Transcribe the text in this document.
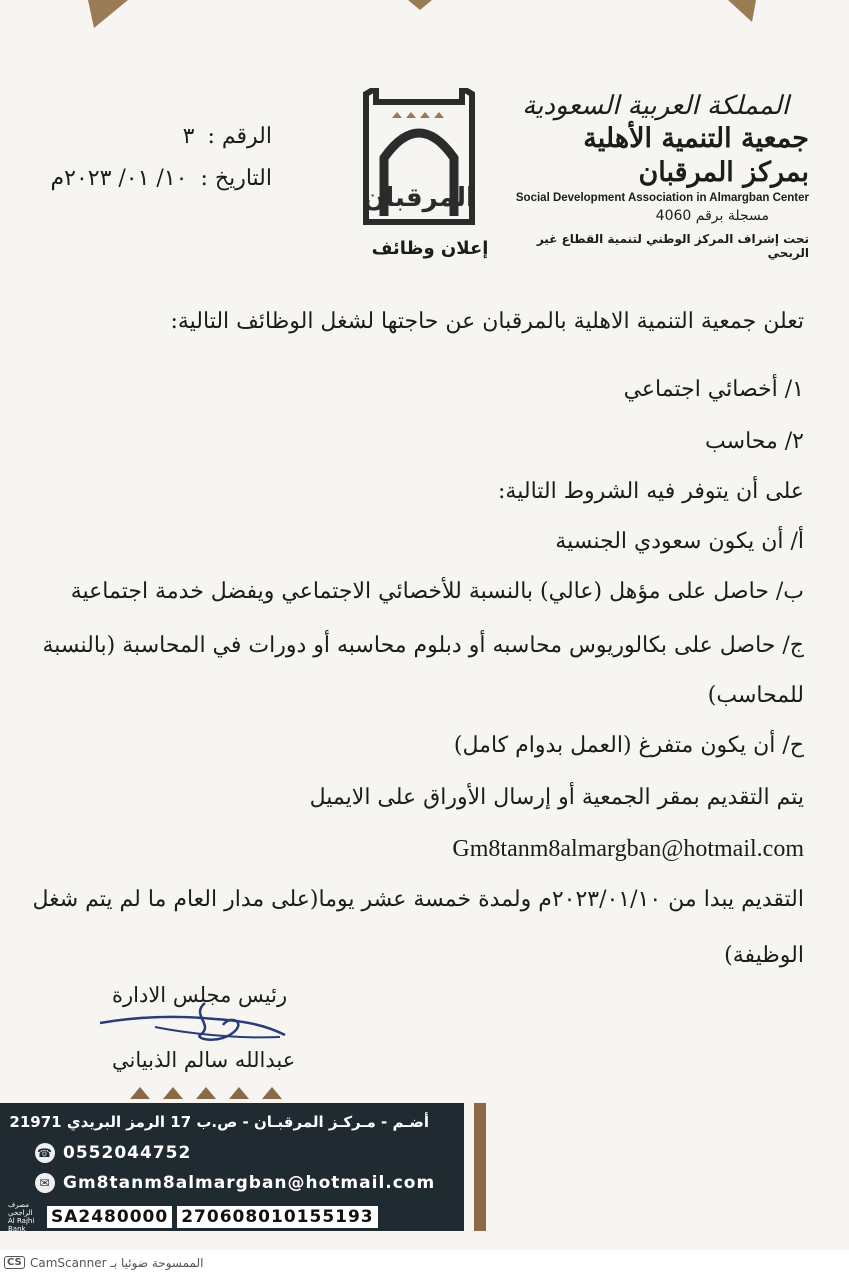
المملكة العربية السعودية
جمعية التنمية الأهلية بمركز المرقبان
Social Development Association in Almargban Center
مسجلة برقم 4060
تحت إشراف المركز الوطني لتنمية القطاع غير الربحي
المرقبان
إعلان وظائف
الرقم : ٣
التاريخ : ١٠/ ٠١/ ٢٠٢٣م
تعلن جمعية التنمية الاهلية بالمرقبان عن حاجتها لشغل الوظائف التالية:
١/ أخصائي اجتماعي
٢/ محاسب
على أن يتوفر فيه الشروط التالية:
أ/ أن يكون سعودي الجنسية
ب/ حاصل على مؤهل (عالي) بالنسبة للأخصائي الاجتماعي ويفضل خدمة اجتماعية
ج/ حاصل على بكالوريوس محاسبه أو دبلوم محاسبه أو دورات في المحاسبة (بالنسبة
للمحاسب)
ح/ أن يكون متفرغ (العمل بدوام كامل)
يتم التقديم بمقر الجمعية أو إرسال الأوراق على الايميل
Gm8tanm8almargban@hotmail.com
التقديم يبدا من ٢٠٢٣/٠١/١٠م ولمدة خمسة عشر يوما(على مدار العام ما لم يتم شغل
الوظيفة)
رئيس مجلس الادارة
عبدالله سالم الذبياني
أضـم - مـركـز المرقبـان - ص.ب 17 الرمز البريدي 21971
☎ 0552044752
✉ Gm8tanm8almargban@hotmail.com
مصرف الراجحي
Al Rajhi Bank
SA2480000 270608010155193
CS الممسوحة ضوئيا بـ CamScanner
